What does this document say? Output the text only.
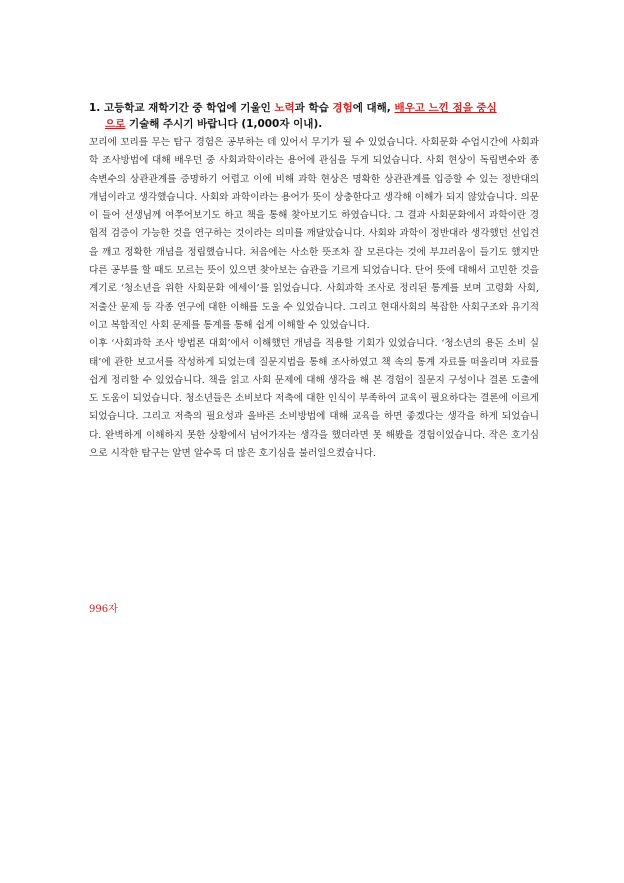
1. 고등학교 재학기간 중 학업에 기울인 노력과 학습 경험에 대해, 배우고 느낀 점을 중심
으로 기술해 주시기 바랍니다 (1,000자 이내).

꼬리에 꼬리를 무는 탐구 경험은 공부하는 데 있어서 무기가 될 수 있었습니다. 사회문화 수업시간에 사회과학 조사방법에 대해 배우던 중 사회과학이라는 용어에 관심을 두게 되었습니다. 사회 현상이 독립변수와 종속변수의 상관관계를 증명하기 어렵고 이에 비해 과학 현상은 명확한 상관관계를 입증할 수 있는 정반대의 개념이라고 생각했습니다. 사회와 과학이라는 용어가 뜻이 상충한다고 생각해 이해가 되지 않았습니다. 의문이 들어 선생님께 여쭈어보기도 하고 책을 통해 찾아보기도 하였습니다. 그 결과 사회문화에서 과학이란 경험적 검증이 가능한 것을 연구하는 것이라는 의미를 깨달았습니다. 사회와 과학이 정반대라 생각했던 선입견을 깨고 정확한 개념을 정립했습니다. 처음에는 사소한 뜻조차 잘 모른다는 것에 부끄러움이 들기도 했지만 다른 공부를 할 때도 모르는 뜻이 있으면 찾아보는 습관을 기르게 되었습니다. 단어 뜻에 대해서 고민한 것을 계기로 ‘청소년을 위한 사회문화 에세이’를 읽었습니다. 사회과학 조사로 정리된 통계를 보며 고령화 사회, 저출산 문제 등 각종 연구에 대한 이해를 도울 수 있었습니다. 그리고 현대사회의 복잡한 사회구조와 유기적이고 복합적인 사회 문제를 통계를 통해 쉽게 이해할 수 있었습니다.

이후 ‘사회과학 조사 방법론 대회’에서 이해했던 개념을 적용할 기회가 있었습니다. ‘청소년의 용돈 소비 실태’에 관한 보고서를 작성하게 되었는데 질문지법을 통해 조사하였고 책 속의 통계 자료를 떠올리며 자료를 쉽게 정리할 수 있었습니다. 책을 읽고 사회 문제에 대해 생각을 해 본 경험이 질문지 구성이나 결론 도출에도 도움이 되었습니다. 청소년들은 소비보다 저축에 대한 인식이 부족하여 교육이 필요하다는 결론에 이르게 되었습니다. 그리고 저축의 필요성과 올바른 소비방법에 대해 교육을 하면 좋겠다는 생각을 하게 되었습니다. 완벽하게 이해하지 못한 상황에서 넘어가자는 생각을 했더라면 못 해봤을 경험이었습니다. 작은 호기심으로 시작한 탐구는 알면 알수록 더 많은 호기심을 불러일으켰습니다.

996자
